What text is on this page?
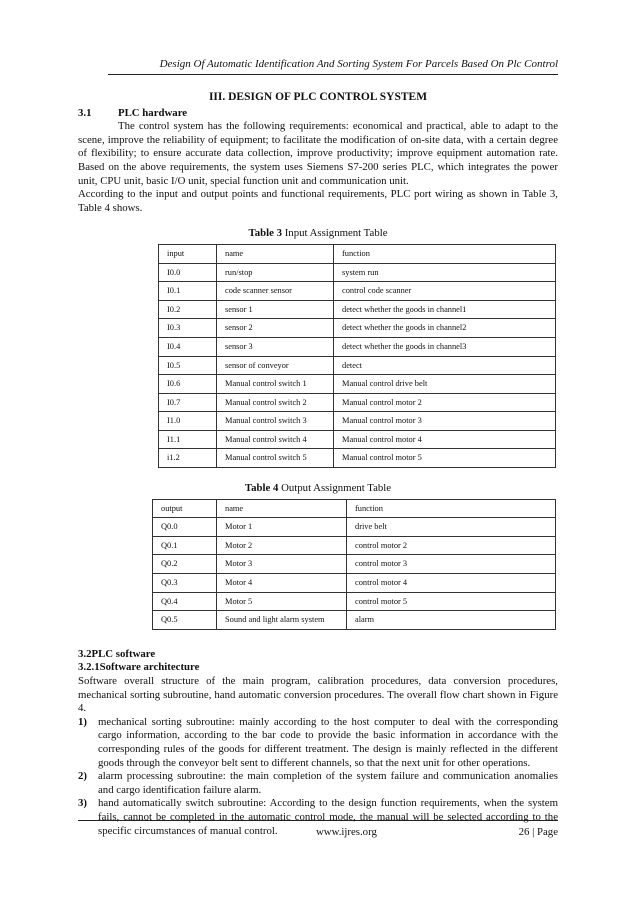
Design Of Automatic Identification And Sorting System For Parcels Based On Plc Control
III. DESIGN OF PLC CONTROL SYSTEM
3.1 PLC hardware

The control system has the following requirements: economical and practical, able to adapt to the scene, improve the reliability of equipment; to facilitate the modification of on-site data, with a certain degree of flexibility; to ensure accurate data collection, improve productivity; improve equipment automation rate. Based on the above requirements, the system uses Siemens S7-200 series PLC, which integrates the power unit, CPU unit, basic I/O unit, special function unit and communication unit.

According to the input and output points and functional requirements, PLC port wiring as shown in Table 3, Table 4 shows.

Table 3 Input Assignment Table
input	name	function
I0.0	run/stop	system run
I0.1	code scanner sensor	control code scanner
I0.2	sensor 1	detect whether the goods in channel1
I0.3	sensor 2	detect whether the goods in channel2
I0.4	sensor 3	detect whether the goods in channel3
I0.5	sensor of conveyor	detect
I0.6	Manual control switch 1	Manual control drive belt
I0.7	Manual control switch 2	Manual control motor 2
I1.0	Manual control switch 3	Manual control motor 3
I1.1	Manual control switch 4	Manual control motor 4
i1.2	Manual control switch 5	Manual control motor 5
Table 4 Output Assignment Table
output	name	function
Q0.0	Motor 1	drive belt
Q0.1	Motor 2	control motor 2
Q0.2	Motor 3	control motor 3
Q0.3	Motor 4	control motor 4
Q0.4	Motor 5	control motor 5
Q0.5	Sound and light alarm system	alarm
3.2PLC software
3.2.1Software architecture

Software overall structure of the main program, calibration procedures, data conversion procedures, mechanical sorting subroutine, hand automatic conversion procedures. The overall flow chart shown in Figure 4.

1) mechanical sorting subroutine: mainly according to the host computer to deal with the corresponding cargo information, according to the bar code to provide the basic information in accordance with the corresponding rules of the goods for different treatment. The design is mainly reflected in the different goods through the conveyor belt sent to different channels, so that the next unit for other operations.
2) alarm processing subroutine: the main completion of the system failure and communication anomalies and cargo identification failure alarm.
3) hand automatically switch subroutine: According to the design function requirements, when the system fails, cannot be completed in the automatic control mode, the manual will be selected according to the specific circumstances of manual control.	www.ijres.org	26 | Page
